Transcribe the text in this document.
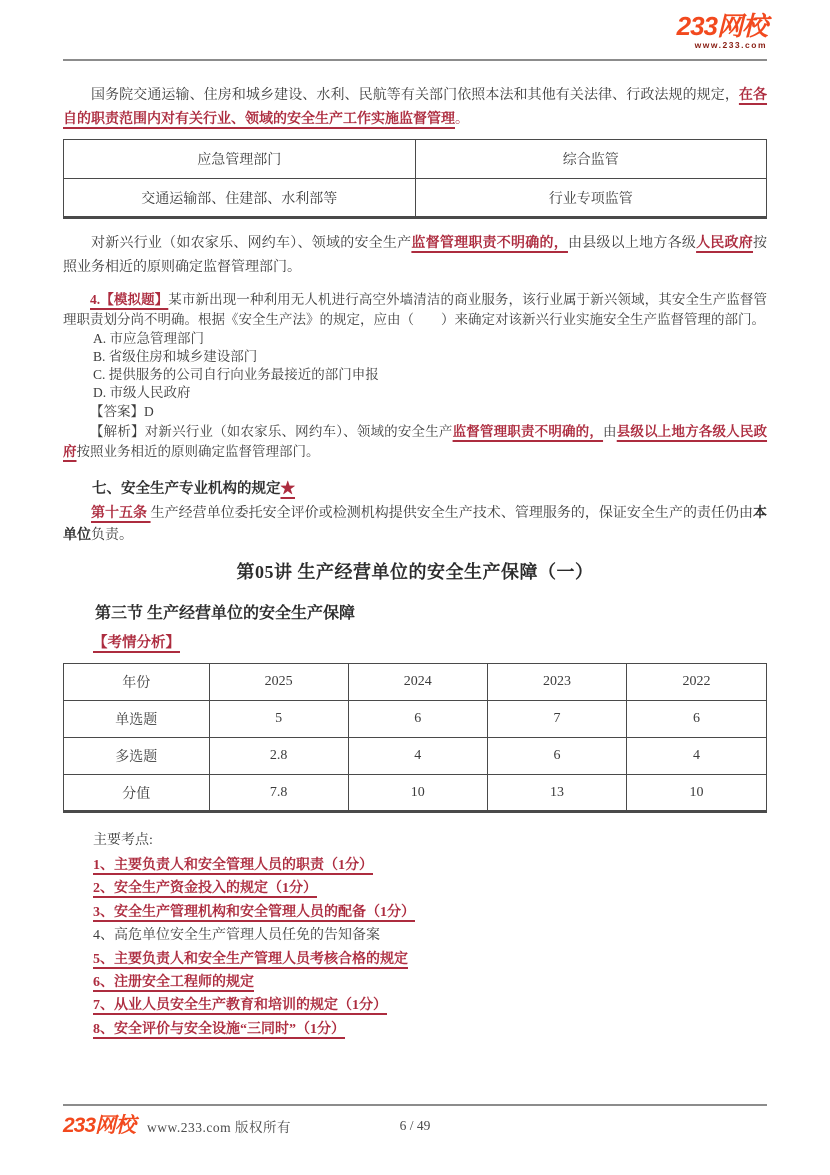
233网校
www.233.com

国务院交通运输、住房和城乡建设、水利、民航等有关部门依照本法和其他有关法律、行政法规的规定，在各自的职责范围内对有关行业、领域的安全生产工作实施监督管理。

应急管理部门	综合监管
交通运输部、住建部、水利部等	行业专项监管

对新兴行业（如农家乐、网约车）、领域的安全生产监督管理职责不明确的，由县级以上地方各级人民政府按照业务相近的原则确定监督管理部门。

4.【模拟题】某市新出现一种利用无人机进行高空外墙清洁的商业服务，该行业属于新兴领域，其安全生产监督管理职责划分尚不明确。根据《安全生产法》的规定，应由（　　）来确定对该新兴行业实施安全生产监督管理的部门。
A. 市应急管理部门
B. 省级住房和城乡建设部门
C. 提供服务的公司自行向业务最接近的部门申报
D. 市级人民政府
【答案】D
【解析】对新兴行业（如农家乐、网约车）、领域的安全生产监督管理职责不明确的，由县级以上地方各级人民政府按照业务相近的原则确定监督管理部门。
七、安全生产专业机构的规定★

第十五条 生产经营单位委托安全评价或检测机构提供安全生产技术、管理服务的，保证安全生产的责任仍由本单位负责。

第05讲 生产经营单位的安全生产保障（一）
第三节 生产经营单位的安全生产保障
【考情分析】
年份	2025	2024	2023	2022
单选题	5	6	7	6
多选题	2.8	4	6	4
分值	7.8	10	13	10
主要考点:
1、主要负责人和安全管理人员的职责（1分）
2、安全生产资金投入的规定（1分）
3、安全生产管理机构和安全管理人员的配备（1分）
4、高危单位安全生产管理人员任免的告知备案
5、主要负责人和安全生产管理人员考核合格的规定
6、注册安全工程师的规定
7、从业人员安全生产教育和培训的规定（1分）
8、安全评价与安全设施“三同时”（1分）
233网校 www.233.com 版权所有	6 / 49
